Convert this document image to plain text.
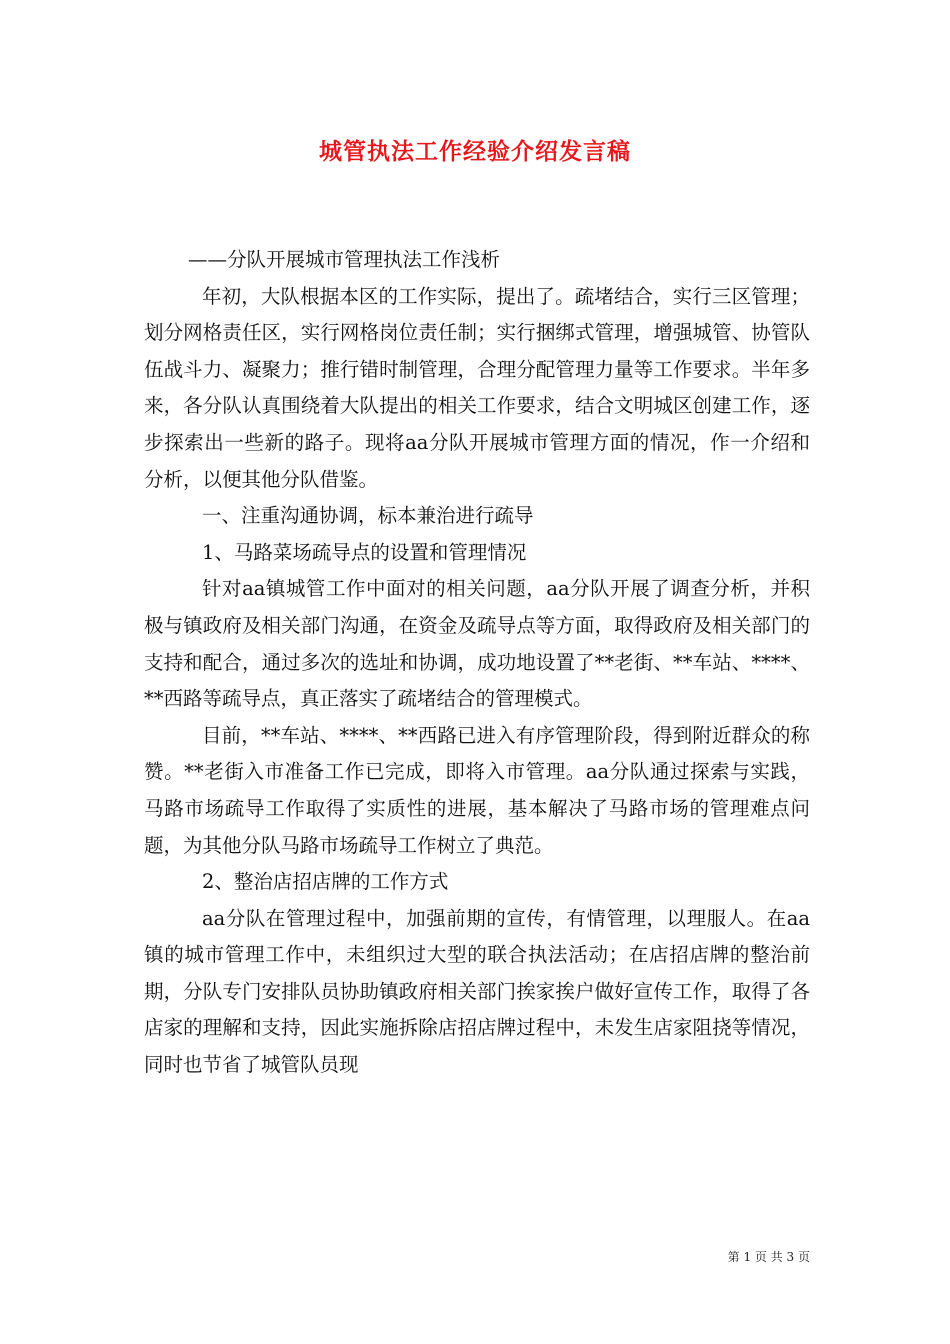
城管执法工作经验介绍发言稿

——分队开展城市管理执法工作浅析

年初，大队根据本区的工作实际，提出了。疏堵结合，实行三区管理；划分网格责任区，实行网格岗位责任制；实行捆绑式管理，增强城管、协管队伍战斗力、凝聚力；推行错时制管理，合理分配管理力量等工作要求。半年多来，各分队认真围绕着大队提出的相关工作要求，结合文明城区创建工作，逐步探索出一些新的路子。现将aa分队开展城市管理方面的情况，作一介绍和分析，以便其他分队借鉴。

一、注重沟通协调，标本兼治进行疏导

1、马路菜场疏导点的设置和管理情况

针对aa镇城管工作中面对的相关问题，aa分队开展了调查分析，并积极与镇政府及相关部门沟通，在资金及疏导点等方面，取得政府及相关部门的支持和配合，通过多次的选址和协调，成功地设置了**老街、**车站、****、**西路等疏导点，真正落实了疏堵结合的管理模式。

目前，**车站、****、**西路已进入有序管理阶段，得到附近群众的称赞。**老街入市准备工作已完成，即将入市管理。aa分队通过探索与实践，马路市场疏导工作取得了实质性的进展，基本解决了马路市场的管理难点问题，为其他分队马路市场疏导工作树立了典范。

2、整治店招店牌的工作方式

aa分队在管理过程中，加强前期的宣传，有情管理，以理服人。在aa镇的城市管理工作中，未组织过大型的联合执法活动；在店招店牌的整治前期，分队专门安排队员协助镇政府相关部门挨家挨户做好宣传工作，取得了各店家的理解和支持，因此实施拆除店招店牌过程中，未发生店家阻挠等情况，同时也节省了城管队员现

第 1 页 共 3 页
